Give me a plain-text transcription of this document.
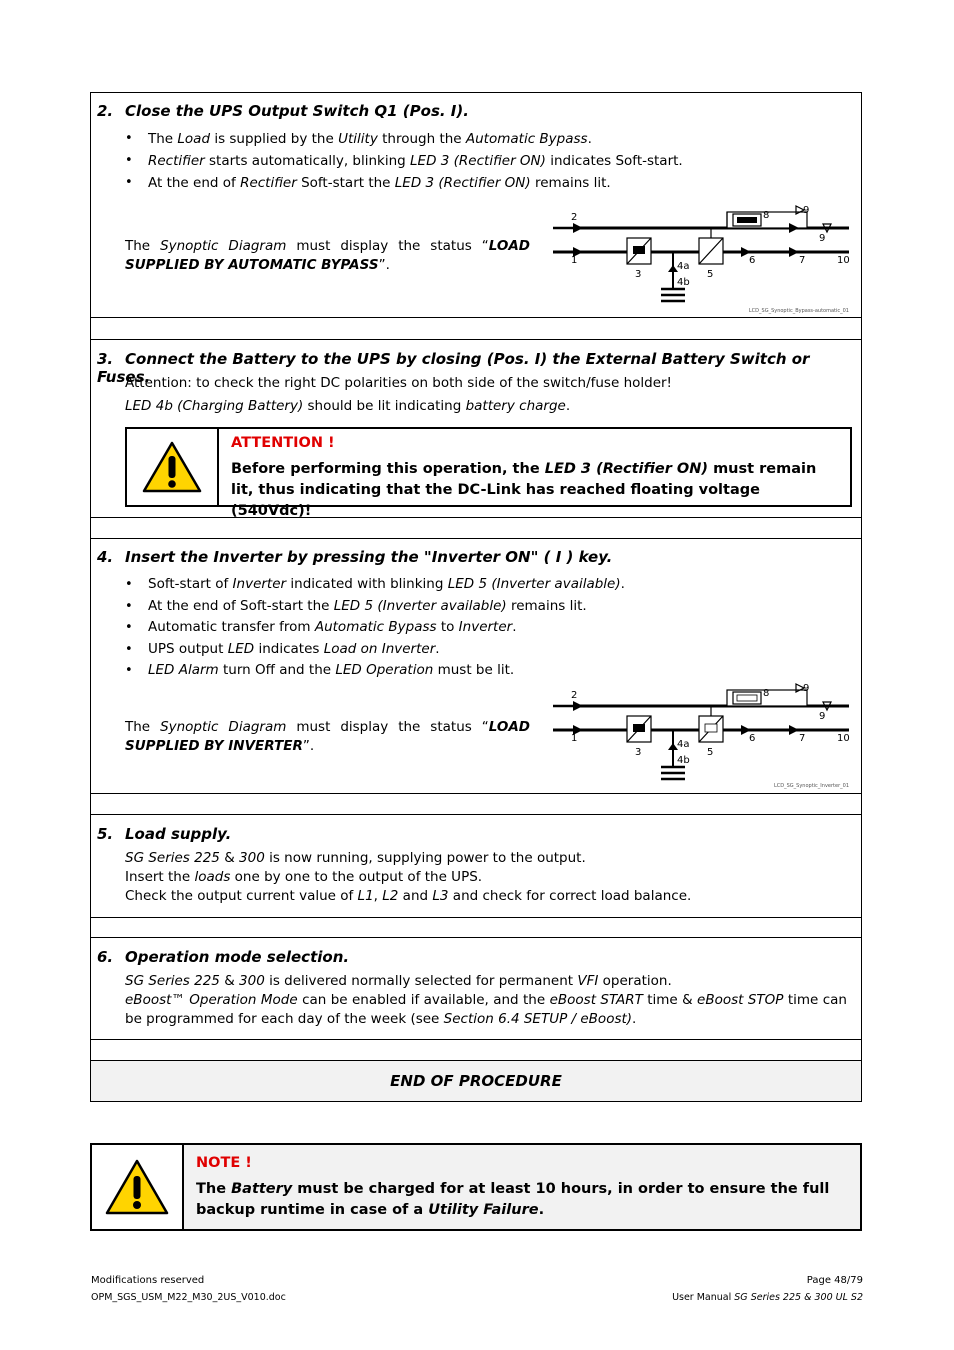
2. Close the UPS Output Switch Q1 (Pos. I).
• The Load is supplied by the Utility through the Automatic Bypass.
• Rectifier starts automatically, blinking LED 3 (Rectifier ON) indicates Soft-start.
• At the end of Rectifier Soft-start the LED 3 (Rectifier ON) remains lit.
The Synoptic Diagram must display the status “LOAD SUPPLIED BY AUTOMATIC BYPASS”.
2
1
3
4a
4b
5
6	7
8	9
9
10
LCD_SG_Synoptic_Bypass-automatic_01
3. Connect the Battery to the UPS by closing (Pos. I) the External Battery Switch or Fuses.
Attention: to check the right DC polarities on both side of the switch/fuse holder!
LED 4b (Charging Battery) should be lit indicating battery charge.
ATTENTION !
Before performing this operation, the LED 3 (Rectifier ON) must remain lit, thus indicating that the DC-Link has reached floating voltage (540Vdc)!
4. Insert the Inverter by pressing the "Inverter ON" ( I ) key.
• Soft-start of Inverter indicated with blinking LED 5 (Inverter available).
• At the end of Soft-start the LED 5 (Inverter available) remains lit.
• Automatic transfer from Automatic Bypass to Inverter.
• UPS output LED indicates Load on Inverter.
• LED Alarm turn Off and the LED Operation must be lit.
The Synoptic Diagram must display the status “LOAD SUPPLIED BY INVERTER”.
2
1
3
4a
4b
5
6	7
8	9
9
10
LCD_SG_Synoptic_Inverter_01
5. Load supply.
SG Series 225 & 300 is now running, supplying power to the output.
Insert the loads one by one to the output of the UPS.
Check the output current value of L1, L2 and L3 and check for correct load balance.
6. Operation mode selection.
SG Series 225 & 300 is delivered normally selected for permanent VFI operation.
eBoost™ Operation Mode can be enabled if available, and the eBoost START time & eBoost STOP time can be programmed for each day of the week (see Section 6.4 SETUP / eBoost).
END OF PROCEDURE
NOTE !
The Battery must be charged for at least 10 hours, in order to ensure the full backup runtime in case of a Utility Failure.
Modifications reserved
OPM_SGS_USM_M22_M30_2US_V010.doc
Page 48/79
User Manual SG Series 225 & 300 UL S2
